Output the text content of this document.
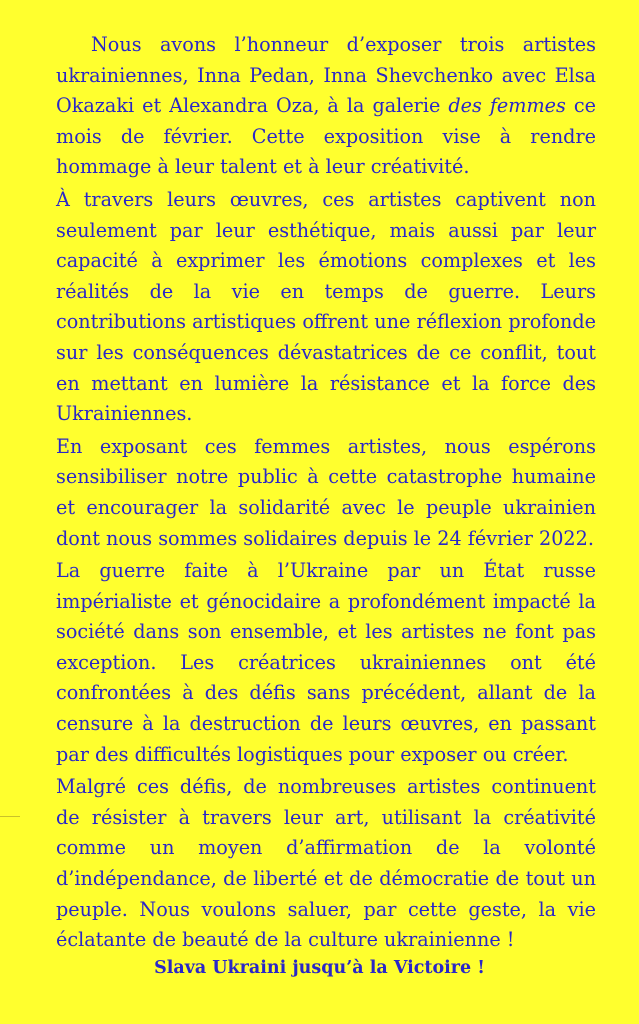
Nous avons l’honneur d’exposer trois artistes ukrainiennes, Inna Pedan, Inna Shevchenko avec Elsa Okazaki et Alexandra Oza, à la galerie des femmes ce mois de février. Cette exposition vise à rendre hommage à leur talent et à leur créativité.

À travers leurs œuvres, ces artistes captivent non seulement par leur esthétique, mais aussi par leur capacité à exprimer les émotions complexes et les réalités de la vie en temps de guerre. Leurs contributions artistiques offrent une réflexion profonde sur les conséquences dévastatrices de ce conflit, tout en mettant en lumière la résistance et la force des Ukrainiennes.

En exposant ces femmes artistes, nous espérons sensibiliser notre public à cette catastrophe humaine et encourager la solidarité avec le peuple ukrainien dont nous sommes solidaires depuis le 24 février 2022.

La guerre faite à l’Ukraine par un État russe impérialiste et génocidaire a profondément impacté la société dans son ensemble, et les artistes ne font pas exception. Les créatrices ukrainiennes ont été confrontées à des défis sans précédent, allant de la censure à la destruction de leurs œuvres, en passant par des difficultés logistiques pour exposer ou créer.

Malgré ces défis, de nombreuses artistes continuent de résister à travers leur art, utilisant la créativité comme un moyen d’affirmation de la volonté d’indépendance, de liberté et de démocratie de tout un peuple. Nous voulons saluer, par cette geste, la vie éclatante de beauté de la culture ukrainienne !

Slava Ukraini jusqu’à la Victoire !
